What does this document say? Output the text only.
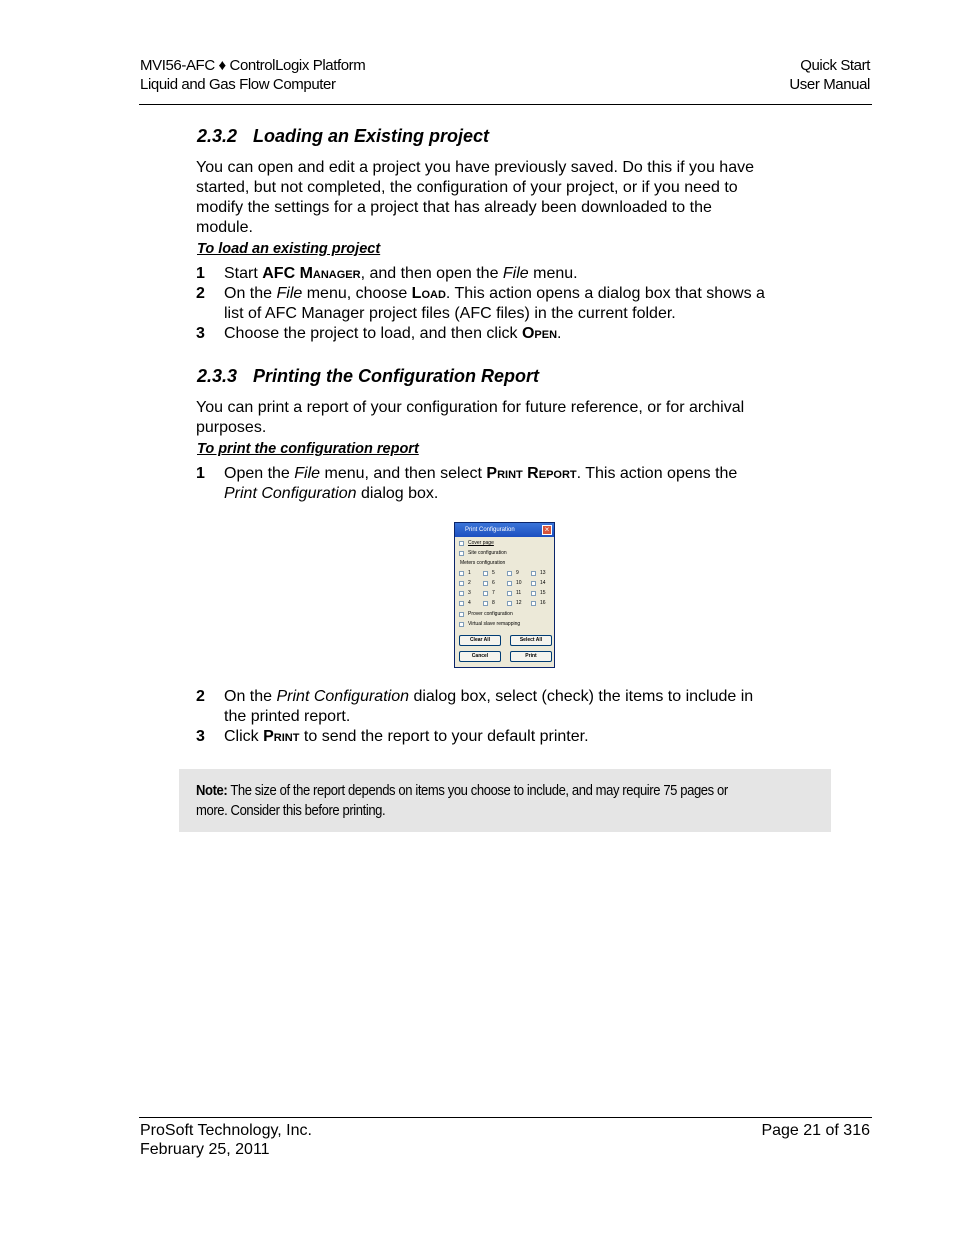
MVI56-AFC ♦ ControlLogix Platform
Liquid and Gas Flow Computer
Quick Start
User Manual
2.3.2 Loading an Existing project
You can open and edit a project you have previously saved. Do this if you have
started, but not completed, the configuration of your project, or if you need to
modify the settings for a project that has already been downloaded to the
module.
To load an existing project
1 Start AFC Manager, and then open the File menu.
2 On the File menu, choose Load. This action opens a dialog box that shows a
list of AFC Manager project files (AFC files) in the current folder.
3 Choose the project to load, and then click Open.
2.3.3 Printing the Configuration Report
You can print a report of your configuration for future reference, or for archival
purposes.
To print the configuration report
1 Open the File menu, and then select Print Report. This action opens the
Print Configuration dialog box.
Print Configuration	×
Cover page
Site configuration
Meters configuration
1	5	9	13
2	6	10	14
3	7	11	15
4	8	12	16
Prover configuration
Virtual slave remapping
Clear All	Select All
Cancel	Print
2 On the Print Configuration dialog box, select (check) the items to include in
the printed report.
3 Click Print to send the report to your default printer.
Note: The size of the report depends on items you choose to include, and may require 75 pages or
more. Consider this before printing.
ProSoft Technology, Inc.
February 25, 2011
Page 21 of 316
